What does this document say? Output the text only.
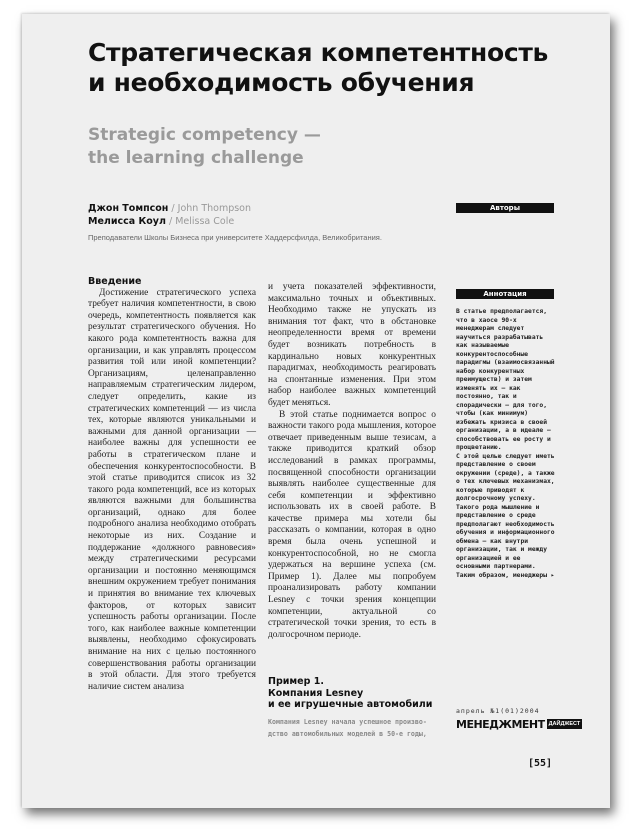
Стратегическая компетентность
и необходимость обучения
Strategic competency —
the learning challenge
Джон Томпсон / John Thompson
Мелисса Коул / Melissa Cole
Преподаватели Школы Бизнеса при университете Хаддерсфилда, Великобритания.
Авторы

Введение

Достижение стратегического успеха требует наличия компетентности, в свою очередь, компетентность появляется как результат стратегического обучения. Но какого рода компетентность важна для организации, и как управлять процессом развития той или иной компетенции? Организациям, целенаправленно направляемым стратегическим лидером, следует определить, какие из стратегических компетенций — из числа тех, которые являются уникальными и важными для данной организации — наиболее важны для успешности ее работы в стратегическом плане и обеспечения конкурентоспособности. В этой статье приводится список из 32 такого рода компетенций, все из которых являются важными для большинства организаций, однако для более подробного анализа необходимо отобрать некоторые из них. Создание и поддержание «должного равновесия» между стратегическими ресурсами организации и постоянно меняющимся внешним окружением требует понимания и принятия во внимание тех ключевых факторов, от которых зависит успешность работы организации. После того, как наиболее важные компетенции выявлены, необходимо сфокусировать внимание на них с целью постоянного совершенствования работы организации в этой области. Для этого требуется наличие систем анализа

и учета показателей эффективности, максимально точных и объективных. Необходимо также не упускать из внимания тот факт, что в обстановке неопределенности время от времени будет возникать потребность в кардинально новых конкурентных парадигмах, необходимость реагировать на спонтанные изменения. При этом набор наиболее важных компетенций будет меняться.

В этой статье поднимается вопрос о важности такого рода мышления, которое отвечает приведенным выше тезисам, а также приводится краткий обзор исследований в рамках программы, посвященной способности организации выявлять наиболее существенные для себя компетенции и эффективно использовать их в своей работе. В качестве примера мы хотели бы рассказать о компании, которая в одно время была очень успешной и конкурентоспособной, но не смогла удержаться на вершине успеха (см. Пример 1). Далее мы попробуем проанализировать работу компании Lesney с точки зрения концепции компетенции, актуальной со стратегической точки зрения, то есть в долгосрочном периоде.

Пример 1.
Компания Lesney
и ее игрушечные автомобили
Компания Lesney начала успешное произво-
дство автомобильных моделей в 50-е годы,
Аннотация

В статье предполагается, что в хаосе 90-х менеджерам следует научиться разрабатывать как называемые конкурентоспособные парадигмы (взаимосвязанный набор конкурентных преимуществ) и затем изменять их — как постоянно, так и спорадически — для того, чтобы (как минимум) избежать кризиса в своей организации, а в идеале — способствовать ее росту и процветанию.

С этой целью следует иметь представление о своем окружении (среде), а также о тех ключевых механизмах, которые приводят к долгосрочному успеху. Такого рода мышление и представление о среде предполагают необходимость обучения и информационного обмена — как внутри организации, так и между организацией и ее основными партнерами. Таким образом, менеджеры ▸

апрель №1(01)2004
МЕНЕДЖМЕНТ ДАЙДЖЕСТ
[55]
